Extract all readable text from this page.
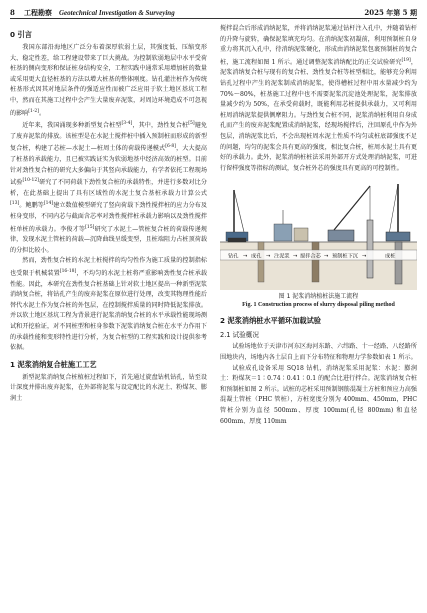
8 工程勘察 Geotechnical Investigation & Surveying	2025 年第 5 期
0 引言

我国东部沿海地区广泛分布着深厚软弱土层，其强度低、压缩变形大、稳定性差，给工程建设带来了巨大挑战。为控制软弱地层中水平受荷桩基的侧向变形和保证桩身结构安全，工程实践中通常采用增加桩的数量或采用更大直径桩基的方法以增大桩基的整体刚度。钻孔灌注桩作为传统桩基形式因其对地层条件的强适应性而被广泛应用于软土地区基坑工程中，然而在其施工过程中会产生大量废弃泥浆，对周边环境造成不可忽视的影响[1-2]。

近年来，我国涌现多种新型复合桩型[3-4]，其中，劲性复合桩[5]避免了废弃泥浆的排放。该桩型是在水泥土搅拌桩中插入预制桩而形成的新型复合桩，构建了芯桩—水泥土—桩周土体的荷载传递模式[6-8]，大大提高了桩基的承载能力，且已被实践证实为软弱地基中经济高效的桩型。目前针对劲性复合桩的研究大多偏向于其竖向承载能力，有学者依托工程现场试验[10-12]研究了不同荷载下劲性复合桩的承载特性，并进行多数对比分析，在此基础上提出了具有区域性的水泥土复合基桩承载力计算公式[13]。鲍鹏等[14]建立数值模型研究了竖向荷载下劲性搅拌桩的应力分布及桩身变形，不同内芯与截面含芯率对劲性搅拌桩承载力影响以及劲性搅拌桩单桩的承载力。李俊才等[15]研究了水泥土—管桩复合桩的荷载传递规律，发现水泥土管桩的荷载—沉降曲线呈缓变型，且桩端阻力占桩顶荷载的分担比较小。

然而，劲性复合桩的水泥土桩搅拌的均匀性作为施工质量的控制指标也受限于机械装置[16-18]，不均匀的水泥土桩将严重影响劲性复合桩承载性能。因此，本研究在劲性复合桩基础上针对软土地区提出一种新型泥浆消纳复合桩，将钻孔产生的废弃泥浆在原位进行处理，改变其物理性能后替代水泥土作为复合桩的外包层，在控制搅拌质量的同时降低泥浆排放。并以软土地区基坑工程为背景进行泥浆消纳复合桩的水平承载性能现场测试和开挖验证，对不同桩型和桩身参数下泥浆消纳复合桩在水平力作用下的承载性能和变形特性进行分析，为复合桩型的工程实践和设计提供参考依据。

1 泥浆消纳复合桩施工工艺

新型泥浆消纳复合桩植桩过程如下，首先通过旋盘钻机钻孔，钻至设计深度并排出废弃泥浆，在外部将泥浆与设定配比的水泥土、粉煤灰、膨润土

搅拌混合后形成消纳泥浆，并将消纳泥浆通过钻杆注入孔中，并随着钻杆的升降与旋转，确保泥浆填充均匀。在消纳泥浆初凝前，利用预制桩自身重力将其沉入孔中，待消纳泥浆硬化，形成由消纳泥浆包裹预制桩的复合桩，施工流程如图 1 所示。通过调整泥浆消纳配比的正交试验研究[19]，泥浆消纳复合桩与现有的复合桩、劲性复合桩等桩型相比，能够充分利用钻孔过程中产生的泥浆制成消纳泥浆，使得槽桩过程中用水量减少约为 70%～80%，桩基施工过程中也不需要泥浆沉淀池处理泥浆，泥浆排放量减少约为 50%，在承受荷载时，既能利用芯桩提供承载力，又可利用桩周消纳泥浆提供侧摩阻力。与劲性复合桩不同，泥浆消纳桩利用自身成孔而产生的废弃泥浆配置成消纳泥浆，经现场搅拌后，注回原孔中作为外包层，消纳泥浆比后，不会出现桩周水泥土性质不均匀或桩底部强度不足的问题，均匀的泥浆会具有更高的强度，相比复合桩，桩周水泥土具有更好的承载力。此外，泥浆消纳桩桩法采用外部开方式处理消纳泥浆，可进行留样强度等指标的测试，复合桩外芯的强度具有更高的可控制性。

钻孔 → 成孔 → 注泥浆 → 搅拌合芯 → 预制桩下沉 →	成桩
图 1 泥浆消纳植桩法施工流程
Fig. 1 Construction process of slurry disposal piling method
2 泥浆消纳桩水平循环加载试验
2.1 试验概况

试验场地位于天津市河东区海河东路、六纬路、十一经路、八经路所围地块内，场地内各土层自上而下分布特征和物理力学参数如表 1 所示。

试验成孔设备采用 SQ18 钻机，消纳泥浆采用泥浆：水泥：膨润土：粉煤灰＝1∶0.74∶0.41∶0.1 的配合比进行拌合。泥浆消纳复合桩和预制桩如图 2 所示。试桩的芯桩采用预制钢筋混凝土方桩和预应力高强混凝土管桩（PHC 管桩），方桩宽度分别为 400mm、450mm，PHC 管桩分别为直径 500mm、厚度 100mm(孔径 800mm) 和直径 600mm、厚度 110mm
